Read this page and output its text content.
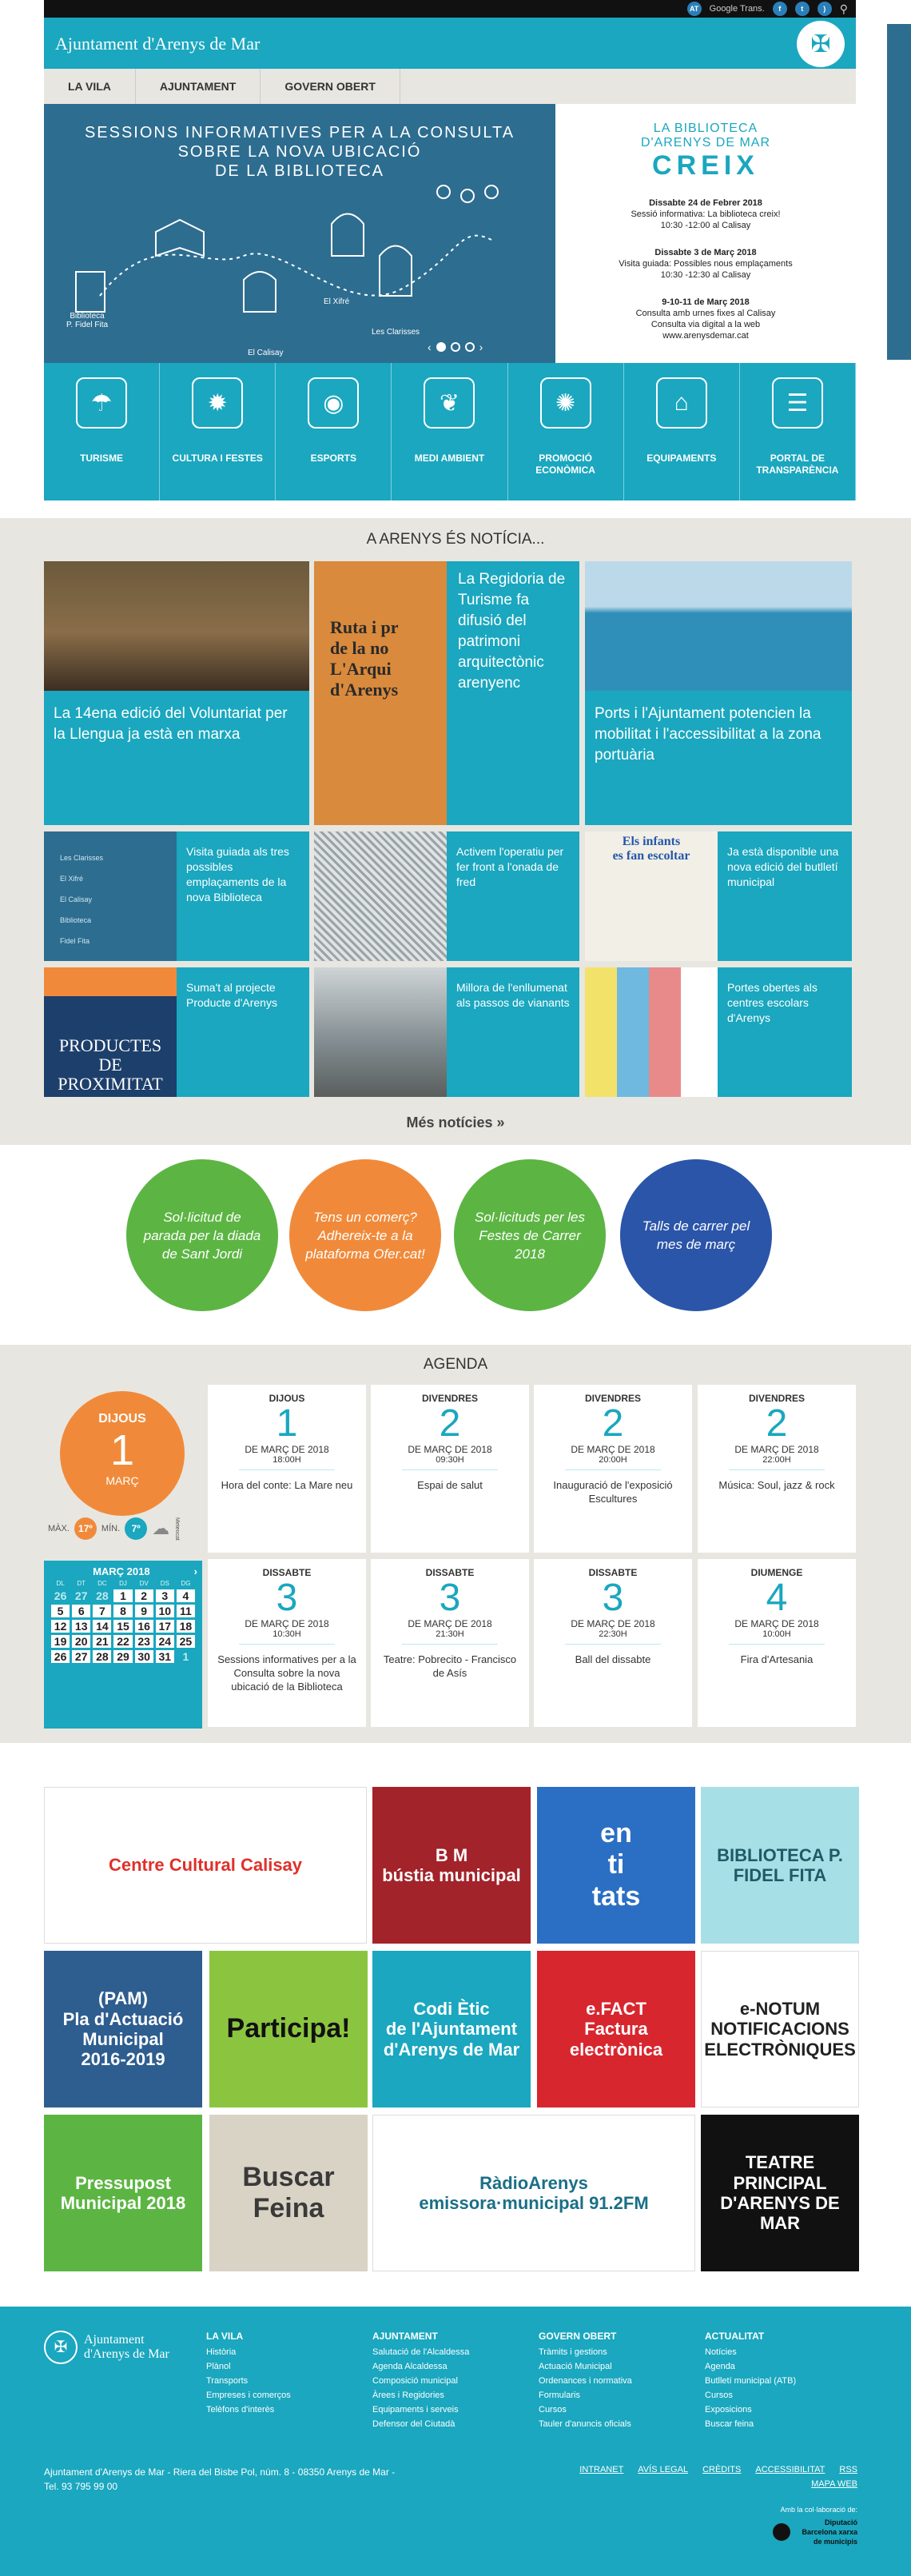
AT	Google Trans.	f	t	)	⚲
Ajuntament d'Arenys de Mar	✠
LA VILA	AJUNTAMENT	GOVERN OBERT
SESSIONS INFORMATIVES PER A LA CONSULTA
SOBRE LA NOVA UBICACIÓ
DE LA BIBLIOTECA
Biblioteca
P. Fidel Fita
El Xifré
Les Clarisses
El Calisay	‹	›
LA BIBLIOTECA
D'ARENYS DE MAR
CREIX
Dissabte 24 de Febrer 2018
Sessió informativa: La biblioteca creix!
10:30 -12:00 al Calisay
Dissabte 3 de Març 2018
Visita guiada: Possibles nous emplaçaments
10:30 -12:30 al Calisay
9-10-11 de Març 2018
Consulta amb urnes fixes al Calisay
Consulta via digital a la web
www.arenysdemar.cat
☂
TURISME
✹
CULTURA I FESTES
◉
ESPORTS
❦
MEDI AMBIENT
✺
PROMOCIÓ ECONÒMICA
⌂
EQUIPAMENTS
☰
PORTAL DE TRANSPARÈNCIA
A ARENYS ÉS NOTÍCIA...
La 14ena edició del Voluntariat per la Llengua ja està en marxa
Ruta i pr
de la no
L'Arqui
d'Arenys
La Regidoria de Turisme fa difusió del patrimoni arquitectònic arenyenc
Ports i l'Ajuntament potencien la mobilitat i l'accessibilitat a la zona portuària
Les Clarisses
El Xifré
El Calisay
Biblioteca
Fidel Fita
Visita guiada als tres possibles emplaçaments de la nova Biblioteca
Activem l'operatiu per fer front a l'onada de fred
Els infants
es fan escoltar	Ja està disponible una nova edició del butlletí municipal
PRODUCTES
DE
PROXIMITAT
Suma't al projecte Producte d'Arenys
Millora de l'enllumenat als passos de vianants
Portes obertes als centres escolars d'Arenys
Més notícies »
Sol·licitud de parada per la diada de Sant Jordi
Tens un comerç? Adhereix-te a la plataforma Ofer.cat!
Sol·licituds per les Festes de Carrer 2018
Talls de carrer pel mes de març
AGENDA
DIJOUS
1
MARÇ
MÀX. 17º	MÍN.	7º ☁ Meteocat
MARÇ 2018	›
DL	DT	DC	DJ	DV	DS	DG
26	27	28	1	2	3	4
5	6	7	8	9	10	11
12	13	14	15	16	17	18
19	20	21	22	23	24	25
26	27	28	29	30	31	1
DIJOUS
1
DE MARÇ DE 2018
18:00H
Hora del conte: La Mare neu
DIVENDRES
2
DE MARÇ DE 2018
09:30H
Espai de salut
DIVENDRES
2
DE MARÇ DE 2018
20:00H
Inauguració de l'exposició Escultures
DIVENDRES
2
DE MARÇ DE 2018
22:00H
Música: Soul, jazz & rock
DISSABTE
3
DE MARÇ DE 2018
10:30H
Sessions informatives per a la Consulta sobre la nova ubicació de la Biblioteca
DISSABTE
3
DE MARÇ DE 2018
21:30H
Teatre: Pobrecito - Francisco de Asís
DISSABTE
3
DE MARÇ DE 2018
22:30H
Ball del dissabte
DIUMENGE
4
DE MARÇ DE 2018
10:00H
Fira d'Artesania
Centre Cultural Calisay
B M
bústia municipal
en
ti
tats
BIBLIOTECA P. FIDEL FITA
(PAM)
Pla d'Actuació Municipal
2016-2019
Participa!
Codi Ètic
de l'Ajuntament d'Arenys de Mar
e.FACT
Factura electrònica
e-NOTUM
NOTIFICACIONS ELECTRÒNIQUES
Pressupost Municipal 2018
Buscar
Feina
RàdioArenys
emissora·municipal 91.2FM
TEATRE PRINCIPAL
D'ARENYS DE MAR
✠	Ajuntament
d'Arenys de Mar
LA VILA
Història
Plànol
Transports
Empreses i comerços
Telèfons d'interès
AJUNTAMENT
Salutació de l'Alcaldessa
Agenda Alcaldessa
Composició municipal
Àrees i Regidories
Equipaments i serveis
Defensor del Ciutadà
GOVERN OBERT
Tràmits i gestions
Actuació Municipal
Ordenances i normativa
Formularis
Cursos
Tauler d'anuncis oficials
ACTUALITAT
Notícies
Agenda
Butlletí municipal (ATB)
Cursos
Exposicions
Buscar feina
Ajuntament d'Arenys de Mar - Riera del Bisbe Pol, núm. 8 - 08350 Arenys de Mar -
Tel. 93 795 99 00
INTRANET AVÍS LEGAL CRÈDITS ACCESSIBILITAT RSS
MAPA WEB
Amb la col·laboració de:
Diputació Barcelona xarxa de municipis
